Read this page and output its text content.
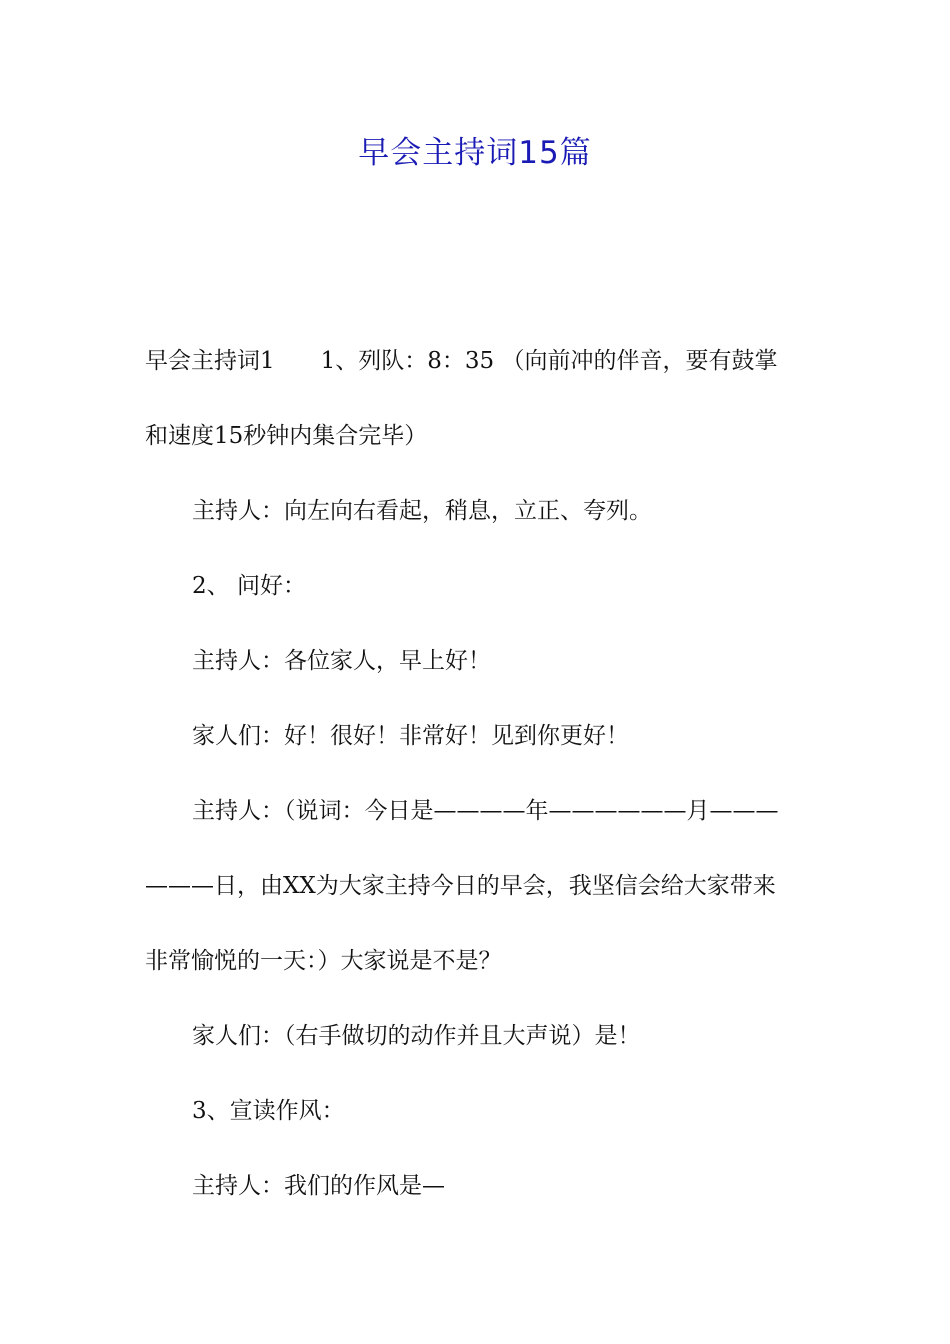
早会主持词15篇
早会主持词1　　1、列队：8：35 （向前冲的伴音，要有鼓掌
和速度15秒钟内集合完毕）
主持人：向左向右看起，稍息，立正、夸列。
2、 问好：
主持人：各位家人，早上好！
家人们：好！很好！非常好！见到你更好！
主持人：（说词：今日是————年——————月———
———日，由XX为大家主持今日的早会，我坚信会给大家带来
非常愉悦的一天：）大家说是不是？
家人们：（右手做切的动作并且大声说）是！
3、宣读作风：
主持人：我们的作风是—
